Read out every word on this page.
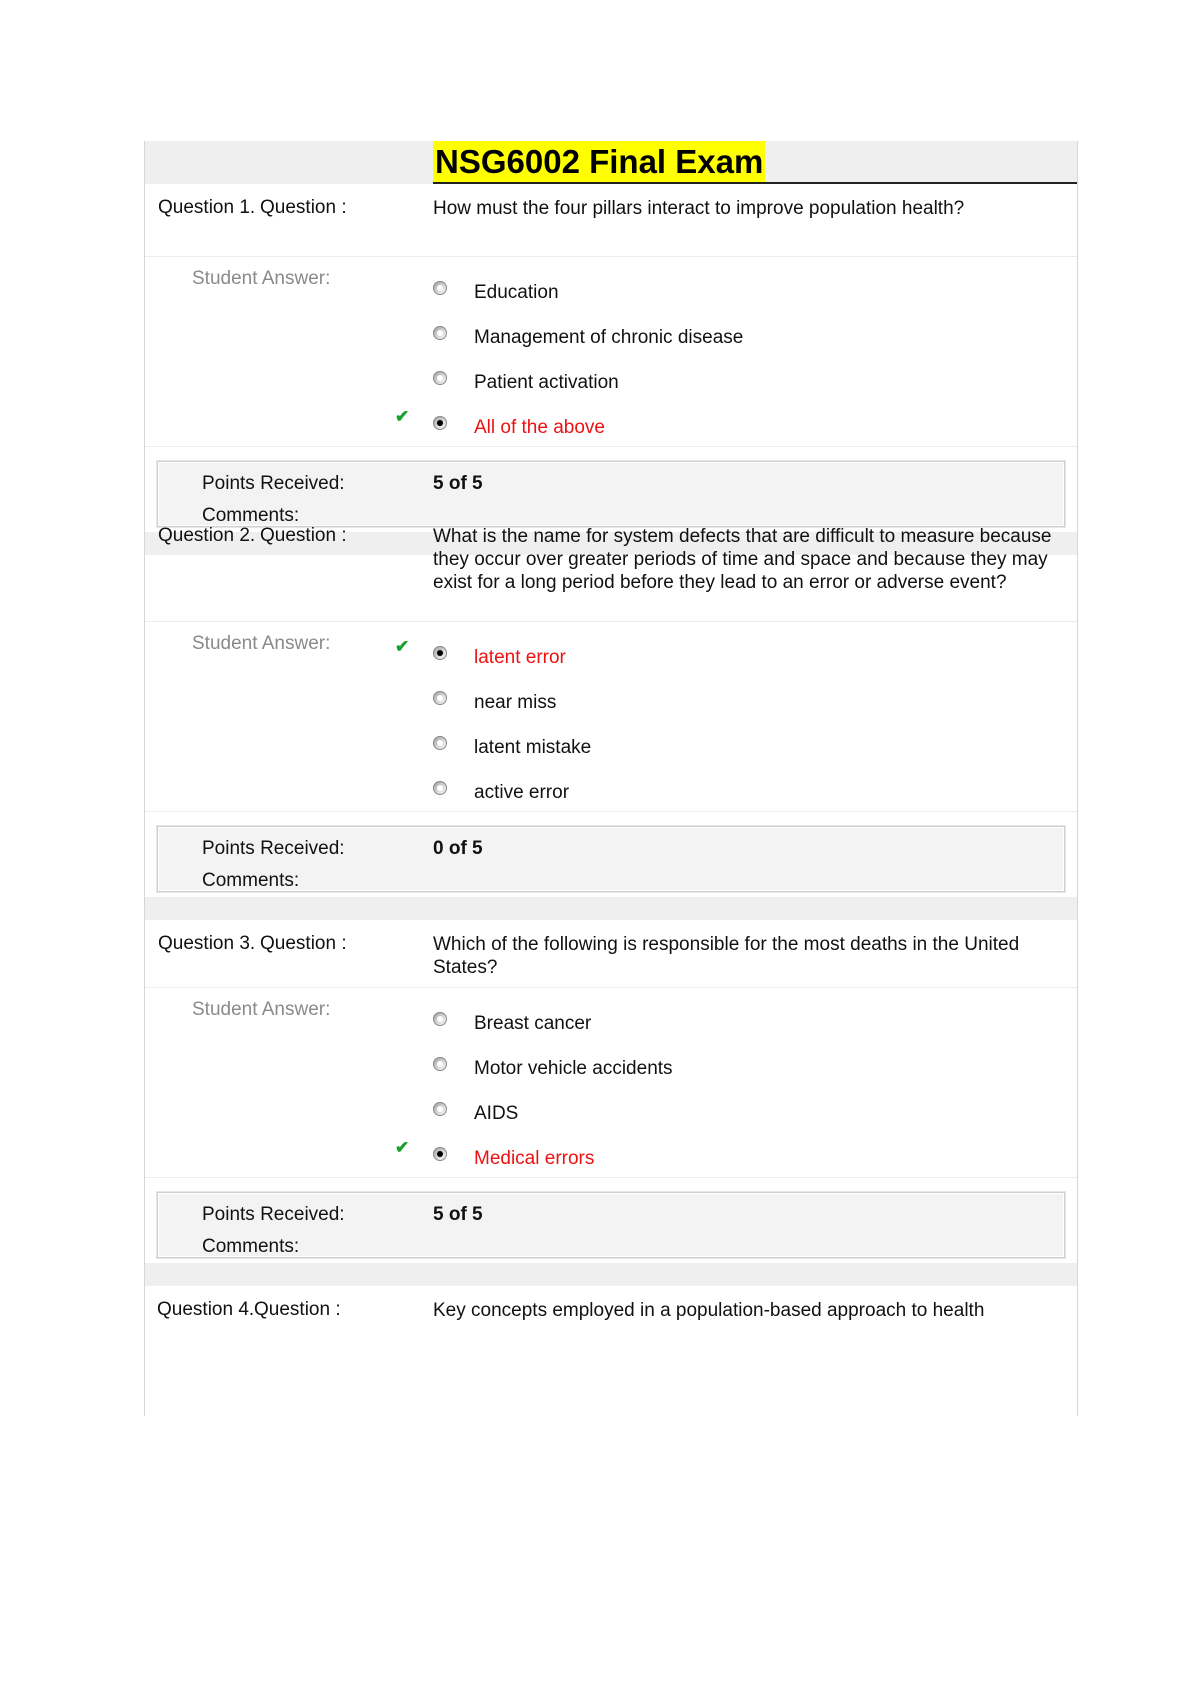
NSG6002 Final Exam
Question 1. Question :	How must the four pillars interact to improve population health?
Student Answer:
Education
Management of chronic disease
Patient activation
All of the above
✔
Points Received:	5 of 5
Comments:
Question 2. Question :	What is the name for system defects that are difficult to measure because they occur over greater periods of time and space and because they may exist for a long period before they lead to an error or adverse event?
Student Answer:
latent error
✔
near miss
latent mistake
active error
Points Received:	0 of 5
Comments:
Question 3. Question :	Which of the following is responsible for the most deaths in the United States?
Student Answer:
Breast cancer
Motor vehicle accidents
AIDS
Medical errors
✔
Points Received:	5 of 5
Comments:
Question 4. Question :	Key concepts employed in a population-based approach to health
